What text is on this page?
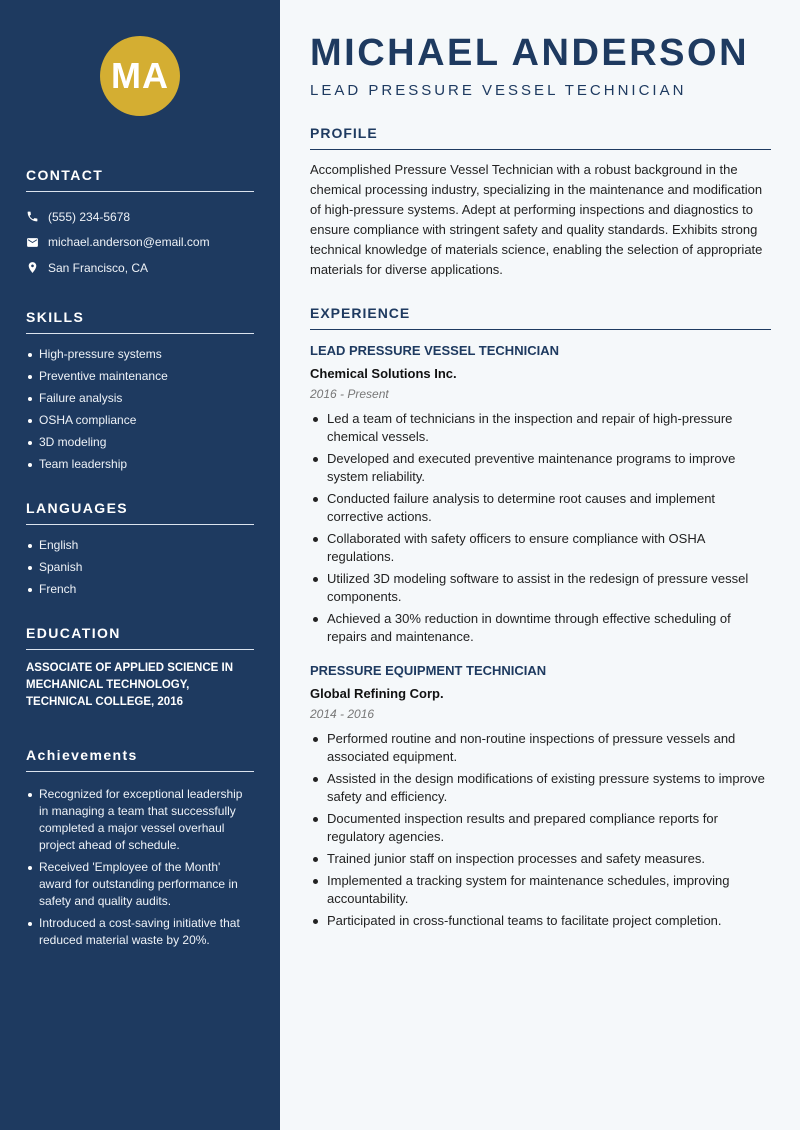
MA
CONTACT
(555) 234-5678
michael.anderson@email.com
San Francisco, CA
SKILLS
High-pressure systems
Preventive maintenance
Failure analysis
OSHA compliance
3D modeling
Team leadership
LANGUAGES
English
Spanish
French
EDUCATION
ASSOCIATE OF APPLIED SCIENCE IN
MECHANICAL TECHNOLOGY,
TECHNICAL COLLEGE, 2016
Achievements
Recognized for exceptional leadership in managing a team that successfully completed a major vessel overhaul project ahead of schedule.
Received 'Employee of the Month' award for outstanding performance in safety and quality audits.
Introduced a cost-saving initiative that reduced material waste by 20%.
MICHAEL ANDERSON
LEAD PRESSURE VESSEL TECHNICIAN
PROFILE

Accomplished Pressure Vessel Technician with a robust background in the chemical processing industry, specializing in the maintenance and modification of high-pressure systems. Adept at performing inspections and diagnostics to ensure compliance with stringent safety and quality standards. Exhibits strong technical knowledge of materials science, enabling the selection of appropriate materials for diverse applications.

EXPERIENCE
LEAD PRESSURE VESSEL TECHNICIAN
Chemical Solutions Inc.
2016 - Present
Led a team of technicians in the inspection and repair of high-pressure chemical vessels.
Developed and executed preventive maintenance programs to improve system reliability.
Conducted failure analysis to determine root causes and implement corrective actions.
Collaborated with safety officers to ensure compliance with OSHA regulations.
Utilized 3D modeling software to assist in the redesign of pressure vessel components.
Achieved a 30% reduction in downtime through effective scheduling of repairs and maintenance.
PRESSURE EQUIPMENT TECHNICIAN
Global Refining Corp.
2014 - 2016
Performed routine and non-routine inspections of pressure vessels and associated equipment.
Assisted in the design modifications of existing pressure systems to improve safety and efficiency.
Documented inspection results and prepared compliance reports for regulatory agencies.
Trained junior staff on inspection processes and safety measures.
Implemented a tracking system for maintenance schedules, improving accountability.
Participated in cross-functional teams to facilitate project completion.
